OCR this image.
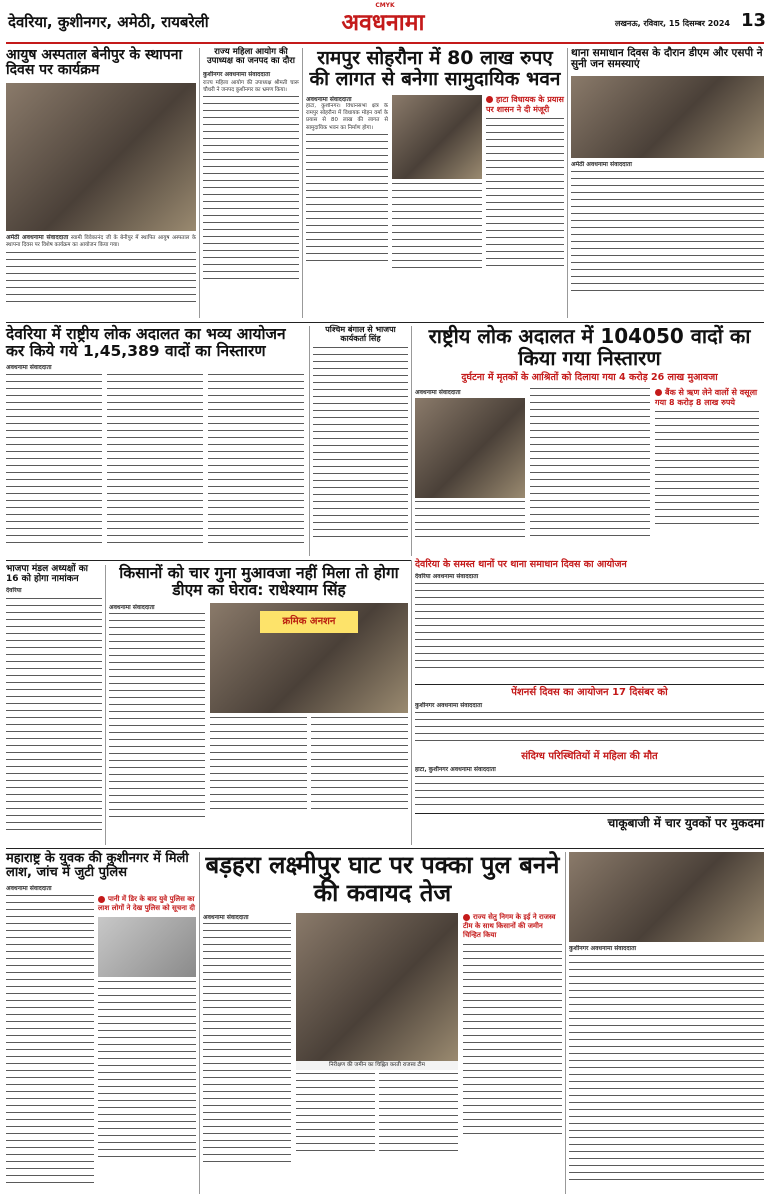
CMYK
देवरिया, कुशीनगर, अमेठी, रायबरेली	अवधनामा	लखनऊ, रविवार, 15 दिसम्बर 2024 13
आयुष अस्पताल बेनीपुर के स्थापना दिवस पर कार्यक्रम
अमेठी अवधनामा संवाददाता स्वामी विवेकानंद जी के बेनीपुर में स्थापित आयुष अस्पताल के स्थापना दिवस पर विशेष कार्यक्रम का आयोजन किया गया।
राज्य महिला आयोग की उपाध्यक्ष का जनपद का दौरा
कुशीनगर अवधनामा संवाददाता
राज्य महिला आयोग की उपाध्यक्ष श्रीमती चारू चौधरी ने जनपद कुशीनगर का भ्रमण किया।
रामपुर सोहरौना में 80 लाख रुपए की लागत से बनेगा सामुदायिक भवन
अवधनामा संवाददाता
हाटा, कुशीनगर। विधानसभा क्षेत्र के रामपुर सोहरौना में विधायक मोहन वर्मा के प्रयास से 80 लाख की लागत से सामुदायिक भवन का निर्माण होगा।
हाटा विधायक के प्रयास पर शासन ने दी मंजूरी
थाना समाधान दिवस के दौरान डीएम और एसपी ने सुनी जन समस्याएं
अमेठी अवधनामा संवाददाता
देवरिया में राष्ट्रीय लोक अदालत का भव्य आयोजन कर किये गये 1,45,389 वादों का निस्तारण
अवधनामा संवाददाता
पश्चिम बंगाल से भाजपा कार्यकर्ता सिंह	राष्ट्रीय लोक अदालत में 104050 वादों का किया गया निस्तारण
दुर्घटना में मृतकों के आश्रितों को दिलाया गया 4 करोड़ 26 लाख मुआवजा
अवधनामा संवाददाता	बैंक से ऋण लेने वालों से वसूला गया 8 करोड़ 8 लाख रुपये
भाजपा मंडल अध्यक्षों का 16 को होगा नामांकन
देवरिया
किसानों को चार गुना मुआवजा नहीं मिला तो होगा डीएम का घेराव: राधेश्याम सिंह
अवधनामा संवाददाता
क्रमिक अनशन
देवरिया के समस्त थानों पर थाना समाधान दिवस का आयोजन
देवरिया अवधनामा संवाददाता
पेंशनर्स दिवस का आयोजन 17 दिसंबर को
कुशीनगर अवधनामा संवाददाता
संदिग्ध परिस्थितियों में महिला की मौत
हाटा, कुशीनगर अवधनामा संवाददाता
चाकूबाजी में चार युवकों पर मुकदमा
महाराष्ट्र के युवक की कुशीनगर में मिली लाश, जांच में जुटी पुलिस
अवधनामा संवाददाता
पानी में डिर के बाद युवे पुलिस का लाश लोगों ने देख पुलिस को सूचना दी
बड़हरा लक्ष्मीपुर घाट पर पक्का पुल बनने की कवायद तेज
अवधनामा संवाददाता
निरीक्षण की जमीन का चिह्नित करती राजस्व टीम
राज्य सेतु निगम के इई ने राजस्व टीम के साथ किसानों की जमीन चिन्हित किया
कुशीनगर अवधनामा संवाददाता
